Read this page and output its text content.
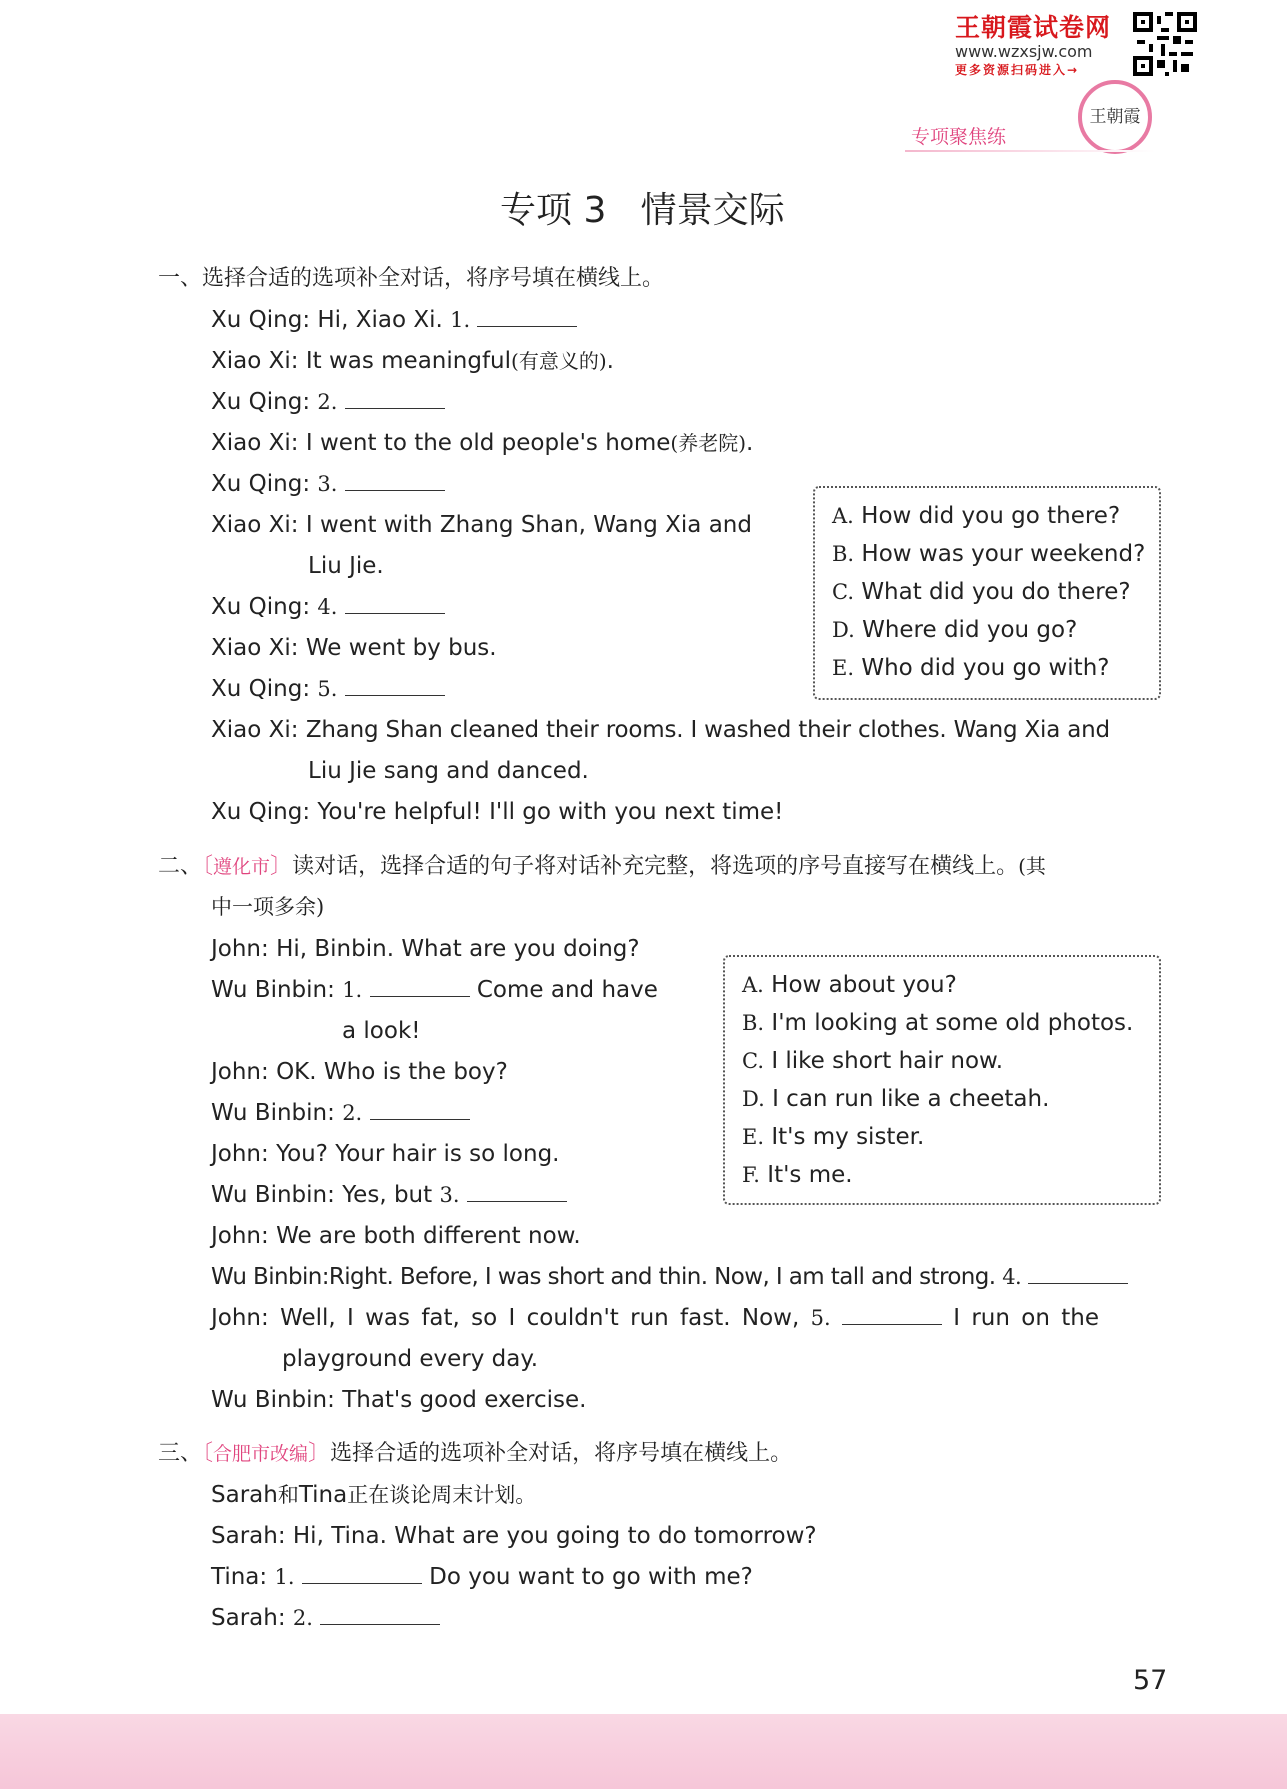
王朝霞试卷网
www.wzxsjw.com
更多资源扫码进入→
王朝霞
专项聚焦练
专项 3   情景交际
一、选择合适的选项补全对话，将序号填在横线上。
Xu Qing: Hi, Xiao Xi. 1.
Xiao Xi: It was meaningful(有意义的).
Xu Qing: 2.
Xiao Xi: I went to the old people's home(养老院).
Xu Qing: 3.
Xiao Xi: I went with Zhang Shan, Wang Xia and
Liu Jie.
Xu Qing: 4.
Xiao Xi: We went by bus.
Xu Qing: 5.
Xiao Xi: Zhang Shan cleaned their rooms. I washed their clothes. Wang Xia and
Liu Jie sang and danced.
Xu Qing: You're helpful! I'll go with you next time!
A. How did you go there?
B. How was your weekend?
C. What did you do there?
D. Where did you go?
E. Who did you go with?
二、〔遵化市〕读对话，选择合适的句子将对话补充完整，将选项的序号直接写在横线上。(其
中一项多余)
John: Hi, Binbin. What are you doing?
Wu Binbin: 1.	Come and have
a look!
John: OK. Who is the boy?
Wu Binbin: 2.
John: You? Your hair is so long.
Wu Binbin: Yes, but 3.
John: We are both different now.
Wu Binbin:Right. Before, I was short and thin. Now, I am tall and strong. 4.
John: Well, I was fat, so I couldn't run fast. Now, 5.	I run on the
playground every day.
Wu Binbin: That's good exercise.
A. How about you?
B. I'm looking at some old photos.
C. I like short hair now.
D. I can run like a cheetah.
E. It's my sister.
F. It's me.
三、〔合肥市改编〕选择合适的选项补全对话，将序号填在横线上。
Sarah和Tina正在谈论周末计划。
Sarah: Hi, Tina. What are you going to do tomorrow?
Tina: 1.	Do you want to go with me?
Sarah: 2.
57
